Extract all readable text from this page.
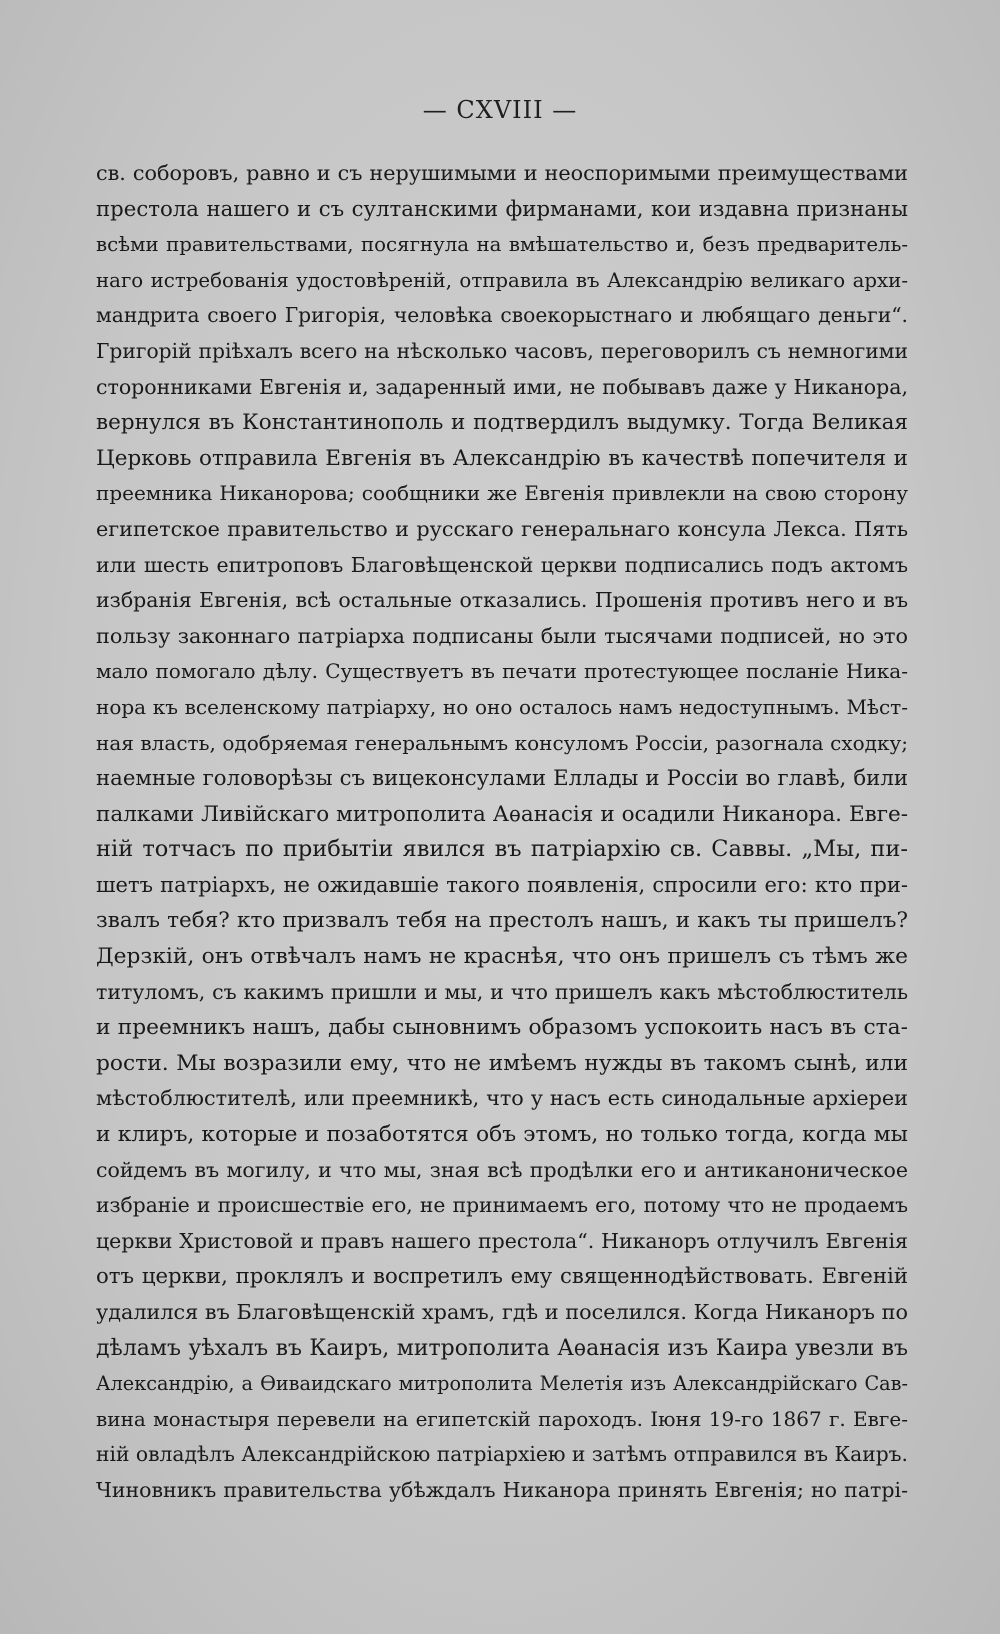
— CXVIII —
св. соборовъ, равно и съ нерушимыми и неоспоримыми преимуществами
престола нашего и съ султанскими фирманами, кои издавна признаны
всѣми правительствами, посягнула на вмѣшательство и, безъ предваритель-
наго истребованія удостовѣреній, отправила въ Александрію великаго архи-
мандрита своего Григорія, человѣка своекорыстнаго и любящаго деньги“.
Григорій пріѣхалъ всего на нѣсколько часовъ, переговорилъ съ немногими
сторонниками Евгенія и, задаренный ими, не побывавъ даже у Никанора,
вернулся въ Константинополь и подтвердилъ выдумку. Тогда Великая
Церковь отправила Евгенія въ Александрію въ качествѣ попечителя и
преемника Никанорова; сообщники же Евгенія привлекли на свою сторону
египетское правительство и русскаго генеральнаго консула Лекса. Пять
или шесть епитроповъ Благовѣщенской церкви подписались подъ актомъ
избранія Евгенія, всѣ остальные отказались. Прошенія противъ него и въ
пользу законнаго патріарха подписаны были тысячами подписей, но это
мало помогало дѣлу. Существуетъ въ печати протестующее посланіе Ника-
нора къ вселенскому патріарху, но оно осталось намъ недоступнымъ. Мѣст-
ная власть, одобряемая генеральнымъ консуломъ Россіи, разогнала сходку;
наемные головорѣзы съ вицеконсулами Еллады и Россіи во главѣ, били
палками Ливійскаго митрополита Аѳанасія и осадили Никанора. Евге-
ній тотчасъ по прибытіи явился въ патріархію св. Саввы. „Мы, пи-
шетъ патріархъ, не ожидавшіе такого появленія, спросили его: кто при-
звалъ тебя? кто призвалъ тебя на престолъ нашъ, и какъ ты пришелъ?
Дерзкій, онъ отвѣчалъ намъ не краснѣя, что онъ пришелъ съ тѣмъ же
титуломъ, съ какимъ пришли и мы, и что пришелъ какъ мѣстоблюститель
и преемникъ нашъ, дабы сыновнимъ образомъ успокоить насъ въ ста-
рости. Мы возразили ему, что не имѣемъ нужды въ такомъ сынѣ, или
мѣстоблюстителѣ, или преемникѣ, что у насъ есть синодальные архіереи
и клиръ, которые и позаботятся объ этомъ, но только тогда, когда мы
сойдемъ въ могилу, и что мы, зная всѣ продѣлки его и антиканоническое
избраніе и происшествіе его, не принимаемъ его, потому что не продаемъ
церкви Христовой и правъ нашего престола“. Никаноръ отлучилъ Евгенія
отъ церкви, проклялъ и воспретилъ ему священнодѣйствовать. Евгеній
удалился въ Благовѣщенскій храмъ, гдѣ и поселился. Когда Никаноръ по
дѣламъ уѣхалъ въ Каиръ, митрополита Аѳанасія изъ Каира увезли въ
Александрію, а Ѳиваидскаго митрополита Мелетія изъ Александрійскаго Сав-
вина монастыря перевели на египетскій пароходъ. Іюня 19-го 1867 г. Евге-
ній овладѣлъ Александрійскою патріархіею и затѣмъ отправился въ Каиръ.
Чиновникъ правительства убѣждалъ Никанора принять Евгенія; но патрі-
